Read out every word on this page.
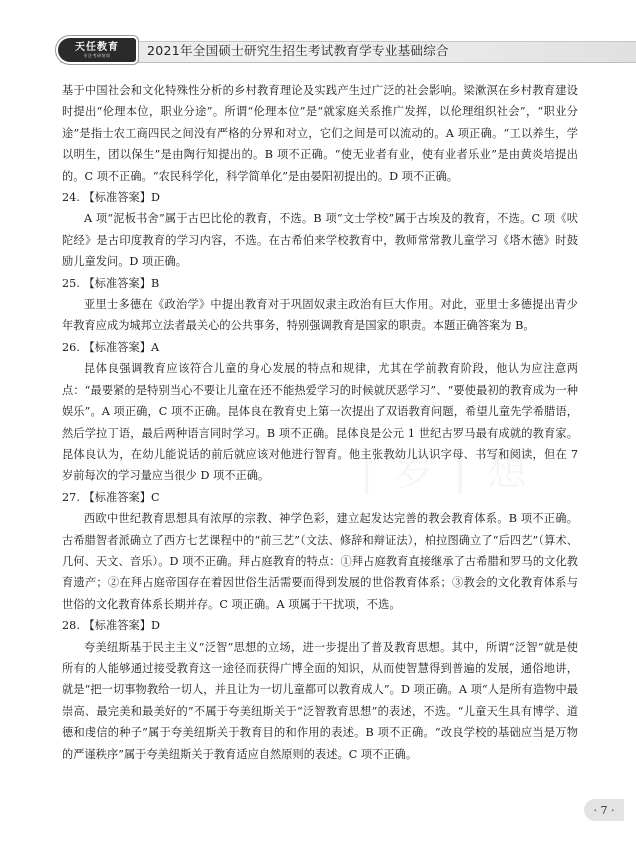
天任教育
专注考研培训	2021年全国硕士研究生招生考试教育学专业基础综合

基于中国社会和文化特殊性分析的乡村教育理论及实践产生过广泛的社会影响。梁漱溟在乡村教育建设时提出“伦理本位，职业分途”。所谓“伦理本位”是“就家庭关系推广发挥，以伦理组织社会”，“职业分途”是指士农工商四民之间没有严格的分界和对立，它们之间是可以流动的。A 项正确。“工以养生，学以明生，团以保生”是由陶行知提出的。B 项不正确。“使无业者有业，使有业者乐业”是由黄炎培提出的。C 项不正确。“农民科学化，科学简单化”是由晏阳初提出的。D 项不正确。

24. 【标准答案】D

A 项“泥板书舍”属于古巴比伦的教育，不选。B 项“文士学校”属于古埃及的教育，不选。C 项《吠陀经》是古印度教育的学习内容，不选。在古希伯来学校教育中，教师常常教儿童学习《塔木德》时鼓励儿童发问。D 项正确。

25. 【标准答案】B

亚里士多德在《政治学》中提出教育对于巩固奴隶主政治有巨大作用。对此，亚里士多德提出青少年教育应成为城邦立法者最关心的公共事务，特别强调教育是国家的职责。本题正确答案为 B。

26. 【标准答案】A

昆体良强调教育应该符合儿童的身心发展的特点和规律，尤其在学前教育阶段，他认为应注意两点：“最要紧的是特别当心不要让儿童在还不能热爱学习的时候就厌恶学习”、“要使最初的教育成为一种娱乐”。A 项正确，C 项不正确。昆体良在教育史上第一次提出了双语教育问题，希望儿童先学希腊语，然后学拉丁语，最后两种语言同时学习。B 项不正确。昆体良是公元 1 世纪古罗马最有成就的教育家。昆体良认为，在幼儿能说话的前后就应该对他进行智育。他主张教幼儿认识字母、书写和阅读，但在 7 岁前每次的学习量应当很少 D 项不正确。

27. 【标准答案】C

西欧中世纪教育思想具有浓厚的宗教、神学色彩，建立起发达完善的教会教育体系。B 项不正确。古希腊智者派确立了西方七艺课程中的“前三艺”（文法、修辞和辩证法），柏拉图确立了“后四艺”（算术、几何、天文、音乐）。D 项不正确。拜占庭教育的特点：①拜占庭教育直接继承了古希腊和罗马的文化教育遗产；②在拜占庭帝国存在着因世俗生活需要而得到发展的世俗教育体系；③教会的文化教育体系与世俗的文化教育体系长期并存。C 项正确。A 项属于干扰项，不选。

28. 【标准答案】D

夸美纽斯基于民主主义“泛智”思想的立场，进一步提出了普及教育思想。其中，所谓“泛智”就是使所有的人能够通过接受教育这一途径而获得广博全面的知识，从而使智慧得到普遍的发展，通俗地讲，就是“把一切事物教给一切人，并且让为一切儿童都可以教育成人”。D 项正确。A 项“人是所有造物中最崇高、最完美和最美好的”不属于夸美纽斯关于“泛智教育思想”的表述，不选。“儿童天生具有博学、道德和虔信的种子”属于夸美纽斯关于教育目的和作用的表述。B 项不正确。“改良学校的基础应当是万物的严谨秩序”属于夸美纽斯关于教育适应自然原则的表述。C 项不正确。

· 7 ·
